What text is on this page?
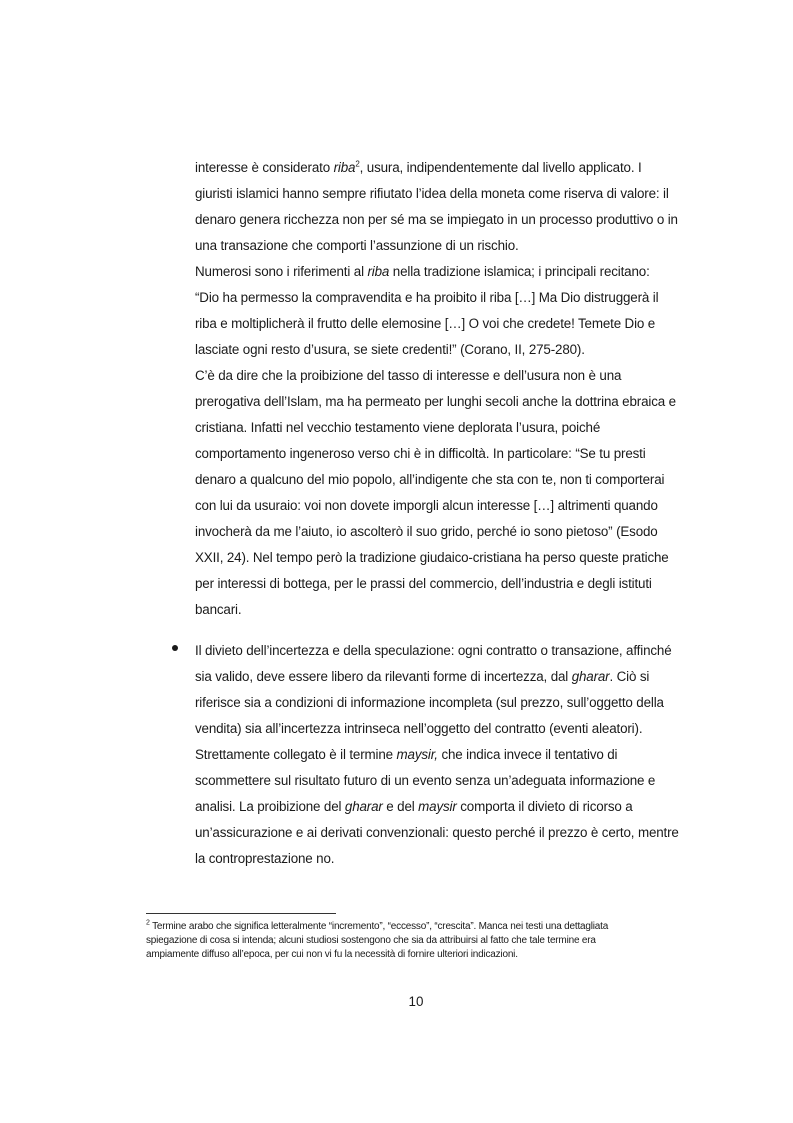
interesse è considerato riba$^2$, usura, indipendentemente dal livello applicato. I
giuristi islamici hanno sempre rifiutato l’idea della moneta come riserva di valore: il
denaro genera ricchezza non per sé ma se impiegato in un processo produttivo o in
una transazione che comporti l’assunzione di un rischio.
Numerosi sono i riferimenti al riba nella tradizione islamica; i principali recitano:
“Dio ha permesso la compravendita e ha proibito il riba […] Ma Dio distruggerà il
riba e moltiplicherà il frutto delle elemosine […] O voi che credete! Temete Dio e
lasciate ogni resto d’usura, se siete credenti!” (Corano, II, 275-280).
C’è da dire che la proibizione del tasso di interesse e dell’usura non è una
prerogativa dell’Islam, ma ha permeato per lunghi secoli anche la dottrina ebraica e
cristiana. Infatti nel vecchio testamento viene deplorata l’usura, poiché
comportamento ingeneroso verso chi è in difficoltà. In particolare: “Se tu presti
denaro a qualcuno del mio popolo, all’indigente che sta con te, non ti comporterai
con lui da usuraio: voi non dovete imporgli alcun interesse […] altrimenti quando
invocherà da me l’aiuto, io ascolterò il suo grido, perché io sono pietoso” (Esodo
XXII, 24). Nel tempo però la tradizione giudaico-cristiana ha perso queste pratiche
per interessi di bottega, per le prassi del commercio, dell’industria e degli istituti
bancari.
Il divieto dell’incertezza e della speculazione: ogni contratto o transazione, affinché
sia valido, deve essere libero da rilevanti forme di incertezza, dal gharar. Ciò si
riferisce sia a condizioni di informazione incompleta (sul prezzo, sull’oggetto della
vendita) sia all’incertezza intrinseca nell’oggetto del contratto (eventi aleatori).
Strettamente collegato è il termine maysir, che indica invece il tentativo di
scommettere sul risultato futuro di un evento senza un’adeguata informazione e
analisi. La proibizione del gharar e del maysir comporta il divieto di ricorso a
un’assicurazione e ai derivati convenzionali: questo perché il prezzo è certo, mentre
la controprestazione no.
$^2$ Termine arabo che significa letteralmente “incremento”, “eccesso”, “crescita”. Manca nei testi una dettagliata
spiegazione di cosa si intenda; alcuni studiosi sostengono che sia da attribuirsi al fatto che tale termine era
ampiamente diffuso all’epoca, per cui non vi fu la necessità di fornire ulteriori indicazioni.
10
